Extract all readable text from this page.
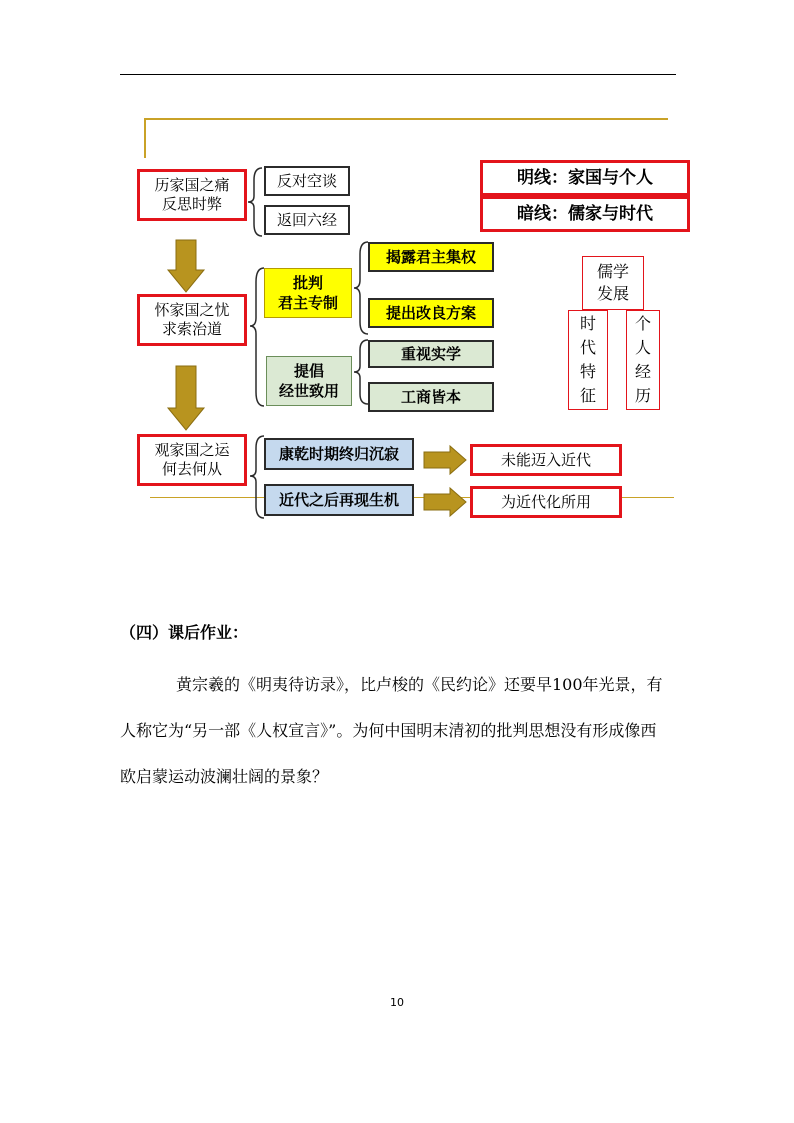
历家国之痛
反思时弊
怀家国之忧
求索治道
观家国之运
何去何从
反对空谈
返回六经
批判
君主专制
揭露君主集权
提出改良方案
提倡
经世致用
重视实学
工商皆本
康乾时期终归沉寂
近代之后再现生机
未能迈入近代
为近代化所用
明线：家国与个人
暗线：儒家与时代
儒学
发展
时
代
特
征
个
人
经
历
（四）课后作业：
黄宗羲的《明夷待访录》，比卢梭的《民约论》还要早100年光景，有人称它为“另一部《人权宣言》”。为何中国明末清初的批判思想没有形成像西欧启蒙运动波澜壮阔的景象？
10
